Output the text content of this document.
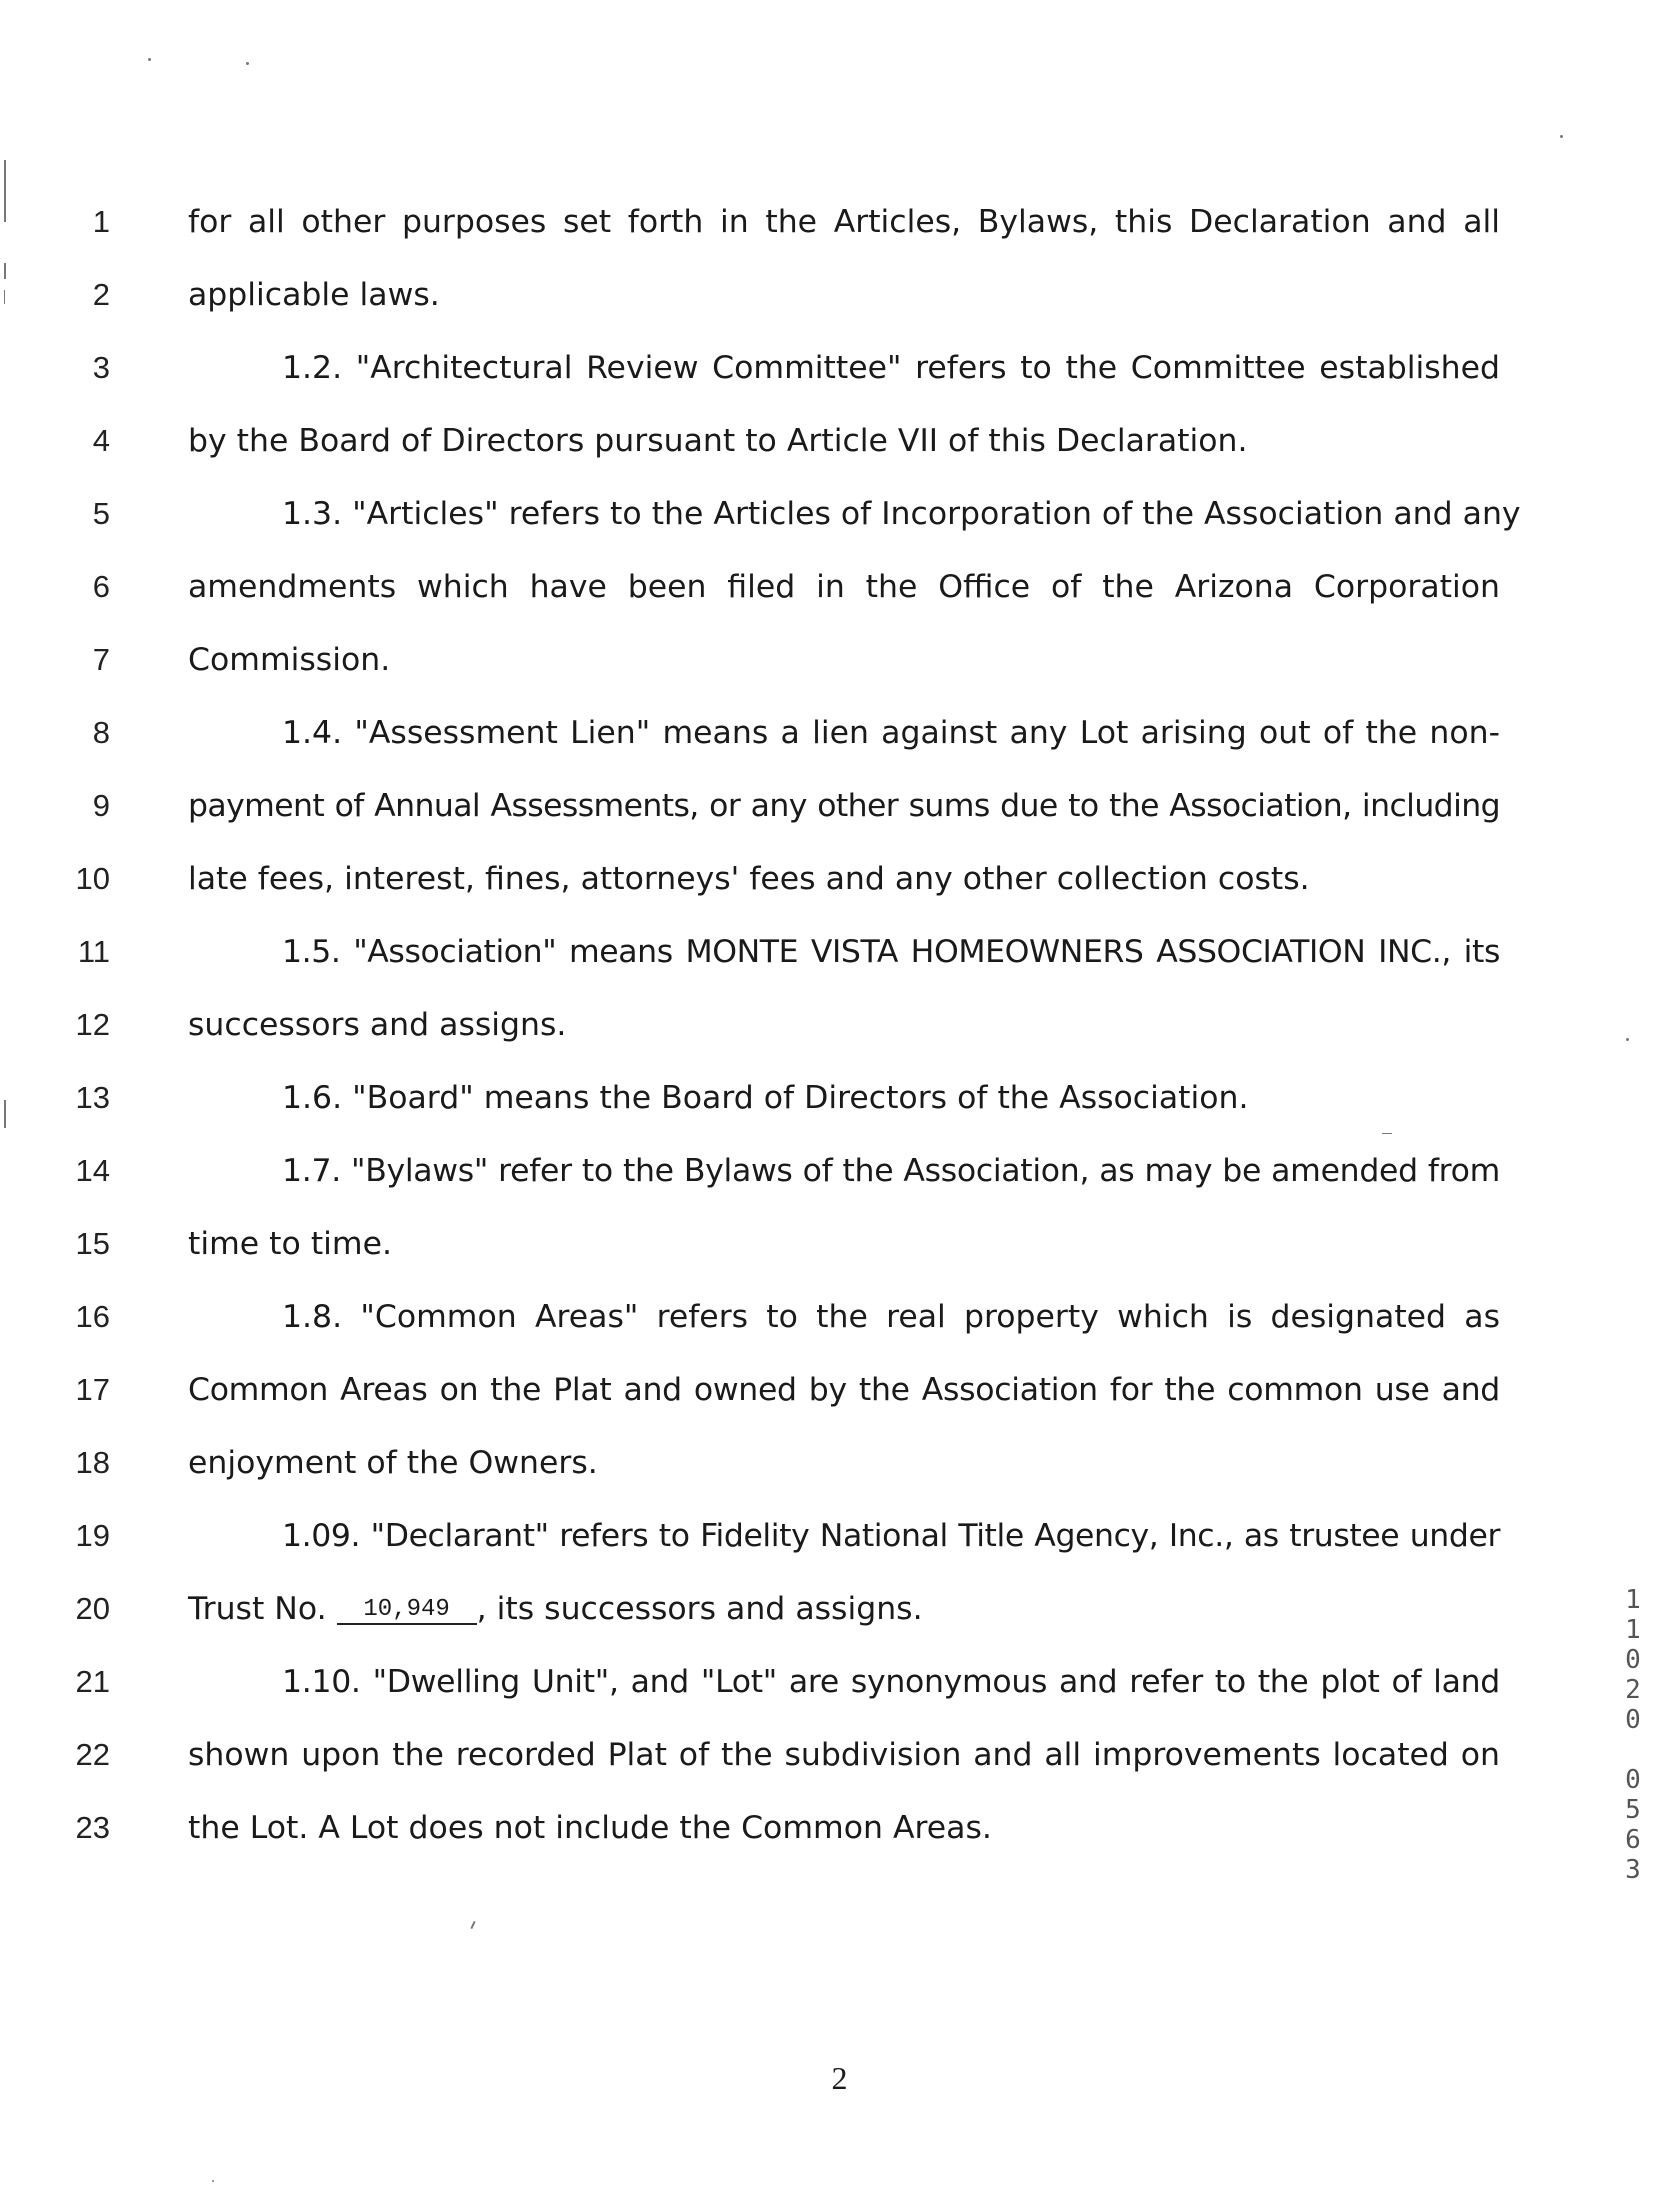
1 for all other purposes set forth in the Articles, Bylaws, this Declaration and all
2 applicable laws.
3	1.2. "Architectural Review Committee" refers to the Committee established
4 by the Board of Directors pursuant to Article VII of this Declaration.
5	1.3. "Articles" refers to the Articles of Incorporation of the Association and any
6 amendments which have been filed in the Office of the Arizona Corporation
7 Commission.
8	1.4. "Assessment Lien" means a lien against any Lot arising out of the non-
9 payment of Annual Assessments, or any other sums due to the Association, including
10 late fees, interest, fines, attorneys' fees and any other collection costs.
11	1.5. "Association" means MONTE VISTA HOMEOWNERS ASSOCIATION INC., its
12 successors and assigns.
13	1.6. "Board" means the Board of Directors of the Association.
14	1.7. "Bylaws" refer to the Bylaws of the Association, as may be amended from
15 time to time.
16	1.8. "Common Areas" refers to the real property which is designated as
17 Common Areas on the Plat and owned by the Association for the common use and
18 enjoyment of the Owners.
19	1.09. "Declarant" refers to Fidelity National Title Agency, Inc., as trustee under
20 Trust No. 10,949 , its successors and assigns.
21	1.10. "Dwelling Unit", and "Lot" are synonymous and refer to the plot of land
22 shown upon the recorded Plat of the subdivision and all improvements located on
23 the Lot. A Lot does not include the Common Areas.
1
1
0
2
0
0
5
6
3
2
